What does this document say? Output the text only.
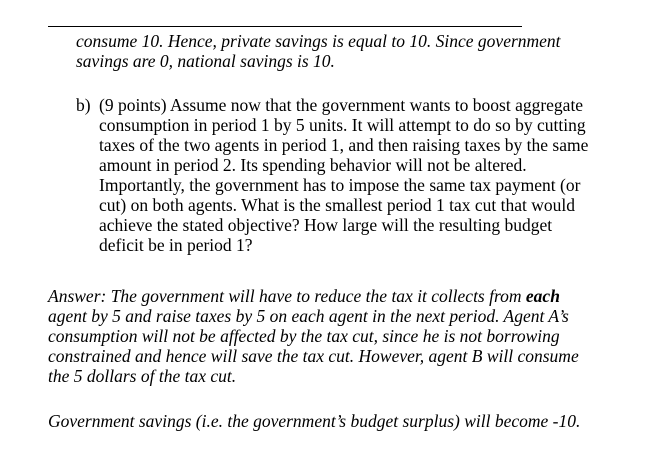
consume 10. Hence, private savings is equal to 10. Since government
savings are 0, national savings is 10.

b) (9 points) Assume now that the government wants to boost aggregate
consumption in period 1 by 5 units. It will attempt to do so by cutting
taxes of the two agents in period 1, and then raising taxes by the same
amount in period 2. Its spending behavior will not be altered.
Importantly, the government has to impose the same tax payment (or
cut) on both agents. What is the smallest period 1 tax cut that would
achieve the stated objective? How large will the resulting budget
deficit be in period 1?

Answer: The government will have to reduce the tax it collects from each
agent by 5 and raise taxes by 5 on each agent in the next period. Agent A’s
consumption will not be affected by the tax cut, since he is not borrowing
constrained and hence will save the tax cut. However, agent B will consume
the 5 dollars of the tax cut.

Government savings (i.e. the government’s budget surplus) will become -10.
